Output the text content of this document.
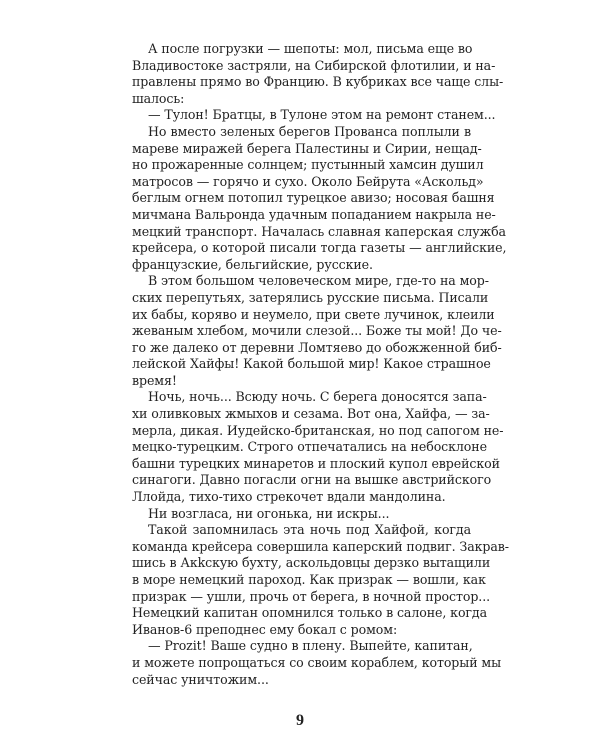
А после погрузки — шепоты: мол, письма еще во
Владивостоке застряли, на Сибирской флотилии, и на-
правлены прямо во Францию. В кубриках все чаще слы-
шалось:
— Тулон! Братцы, в Тулоне этом на ремонт станем...
Но вместо зеленых берегов Прованса поплыли в
мареве миражей берега Палестины и Сирии, нещад-
но прожаренные солнцем; пустынный хамсин душил
матросов — горячо и сухо. Около Бейрута «Аскольд»
беглым огнем потопил турецкое авизо; носовая башня
мичмана Вальронда удачным попаданием накрыла не-
мецкий транспорт. Началась славная каперская служба
крейсера, о которой писали тогда газеты — английские,
французские, бельгийские, русские.
В этом большом человеческом мире, где-то на мор-
ских перепутьях, затерялись русские письма. Писали
их бабы, коряво и неумело, при свете лучинок, клеили
жеваным хлебом, мочили слезой... Боже ты мой! До че-
го же далеко от деревни Ломтяево до обожженной биб-
лейской Хайфы! Какой большой мир! Какое страшное
время!
Ночь, ночь... Всюду ночь. С берега доносятся запа-
хи оливковых жмыхов и сезама. Вот она, Хайфа, — за-
мерла, дикая. Иудейско-британская, но под сапогом не-
мецко-турецким. Строго отпечатались на небосклоне
башни турецких минаретов и плоский купол еврейской
синагоги. Давно погасли огни на вышке австрийского
Ллойда, тихо-тихо стрекочет вдали мандолина.
Ни возгласа, ни огонька, ни искры...
Такой запомнилась эта ночь под Хайфой, когда
команда крейсера совершила каперский подвиг. Закрав-
шись в Акkскую бухту, аскольдовцы дерзко вытащили
в море немецкий пароход. Как призрак — вошли, как
призрак — ушли, прочь от берега, в ночной простор...
Немецкий капитан опомнился только в салоне, когда
Иванов-6 преподнес ему бокал с ромом:
— Prozit! Ваше судно в плену. Выпейте, капитан,
и можете попрощаться со своим кораблем, который мы
сейчас уничтожим...
9
